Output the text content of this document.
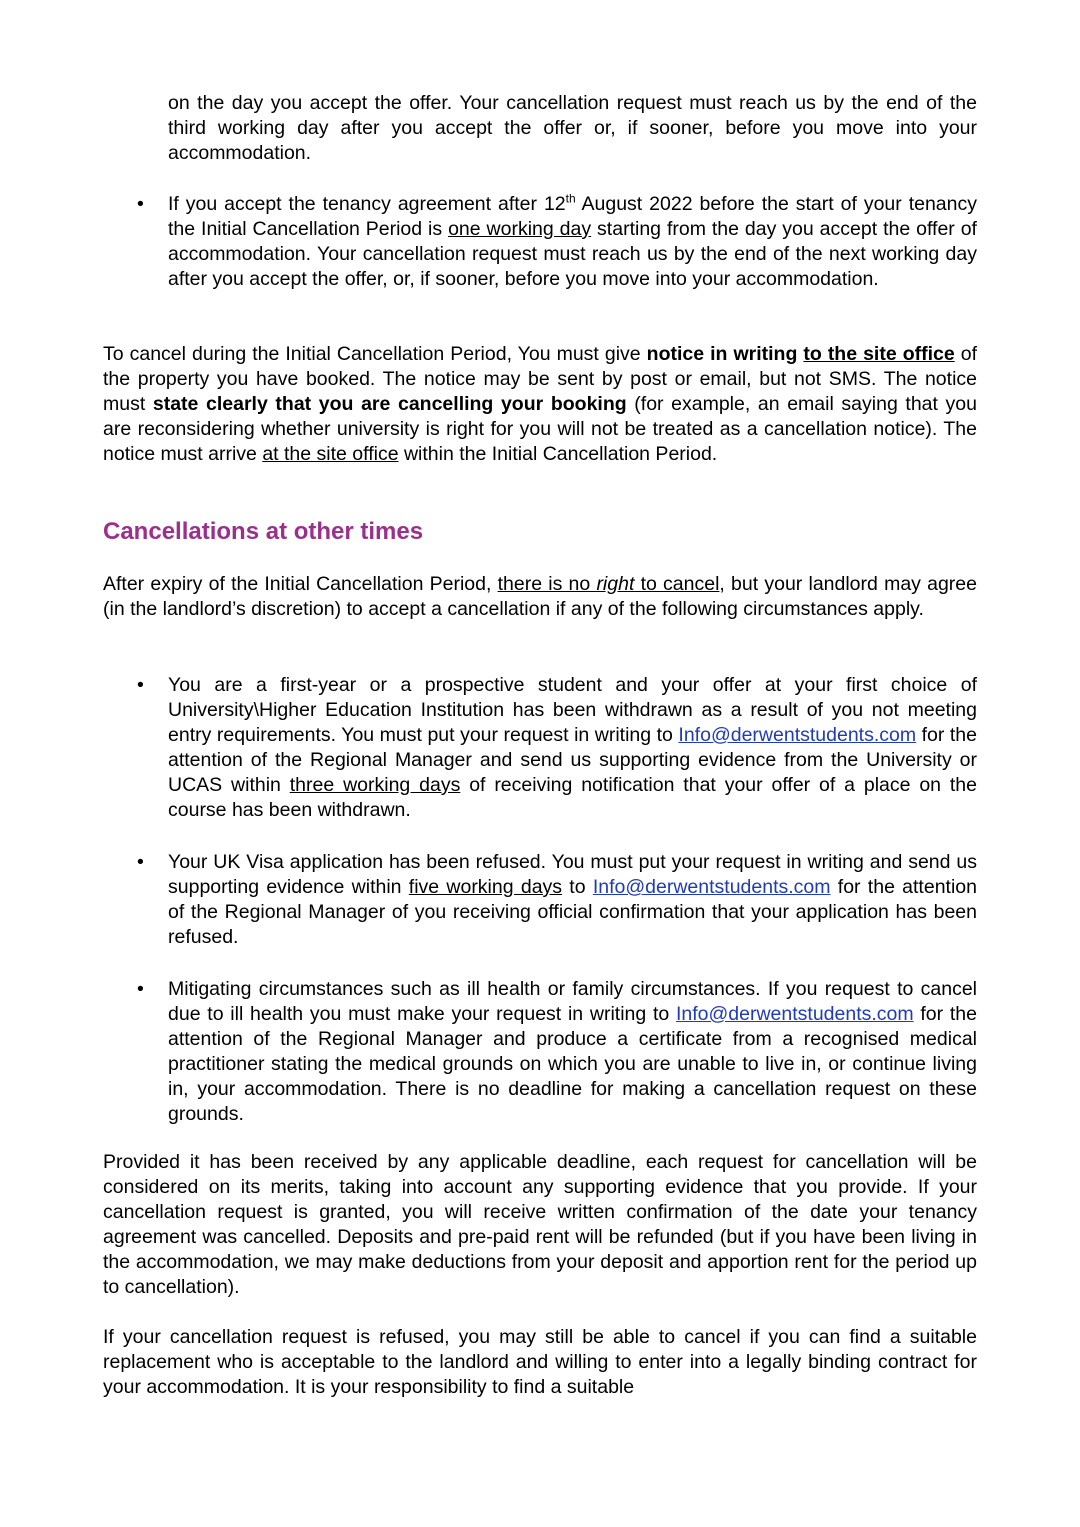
on the day you accept the offer. Your cancellation request must reach us by the end of the third working day after you accept the offer or, if sooner, before you move into your accommodation.

• If you accept the tenancy agreement after 12th August 2022 before the start of your tenancy the Initial Cancellation Period is one working day starting from the day you accept the offer of accommodation. Your cancellation request must reach us by the end of the next working day after you accept the offer, or, if sooner, before you move into your accommodation.

To cancel during the Initial Cancellation Period, You must give notice in writing to the site office of the property you have booked. The notice may be sent by post or email, but not SMS. The notice must state clearly that you are cancelling your booking (for example, an email saying that you are reconsidering whether university is right for you will not be treated as a cancellation notice). The notice must arrive at the site office within the Initial Cancellation Period.

Cancellations at other times

After expiry of the Initial Cancellation Period, there is no right to cancel, but your landlord may agree (in the landlord’s discretion) to accept a cancellation if any of the following circumstances apply.

• You are a first-year or a prospective student and your offer at your first choice of University\Higher Education Institution has been withdrawn as a result of you not meeting entry requirements. You must put your request in writing to Info@derwentstudents.com for the attention of the Regional Manager and send us supporting evidence from the University or UCAS within three working days of receiving notification that your offer of a place on the course has been withdrawn.

• Your UK Visa application has been refused. You must put your request in writing and send us supporting evidence within five working days to Info@derwentstudents.com for the attention of the Regional Manager of you receiving official confirmation that your application has been refused.

• Mitigating circumstances such as ill health or family circumstances. If you request to cancel due to ill health you must make your request in writing to Info@derwentstudents.com for the attention of the Regional Manager and produce a certificate from a recognised medical practitioner stating the medical grounds on which you are unable to live in, or continue living in, your accommodation. There is no deadline for making a cancellation request on these grounds.

Provided it has been received by any applicable deadline, each request for cancellation will be considered on its merits, taking into account any supporting evidence that you provide. If your cancellation request is granted, you will receive written confirmation of the date your tenancy agreement was cancelled. Deposits and pre-paid rent will be refunded (but if you have been living in the accommodation, we may make deductions from your deposit and apportion rent for the period up to cancellation).

If your cancellation request is refused, you may still be able to cancel if you can find a suitable replacement who is acceptable to the landlord and willing to enter into a legally binding contract for your accommodation. It is your responsibility to find a suitable
